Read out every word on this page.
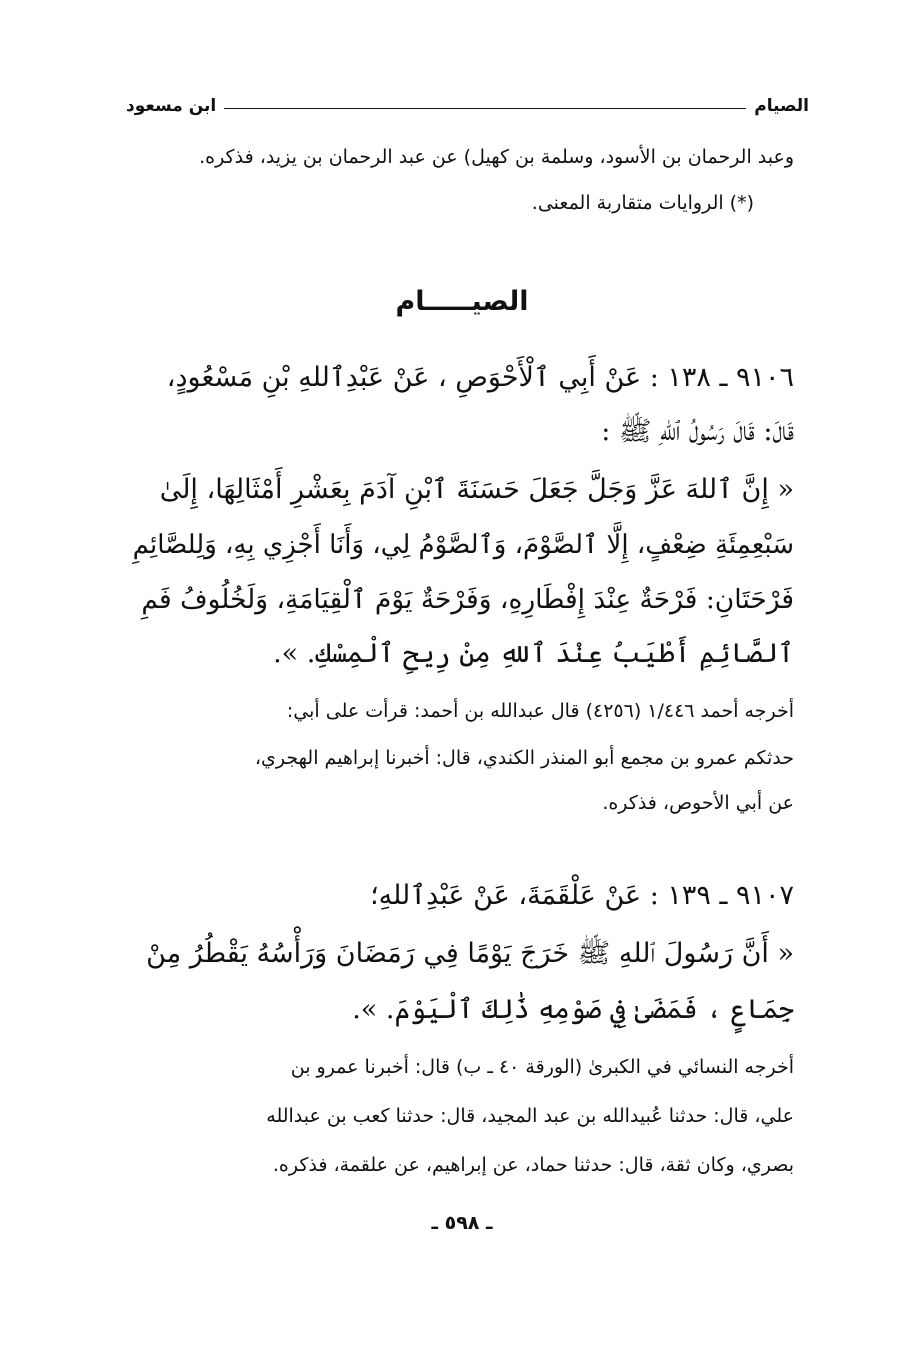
الصيام
ابن مسعود
وعبد الرحمان بن الأسود، وسلمة بن كهيل) عن عبد الرحمان بن يزيد، فذكره.
(*) الروايات متقاربة المعنى.
الصيـــــام
٩١٠٦ ـ ١٣٨ : عَنْ أَبِي ٱلْأَحْوَصِ ، عَنْ عَبْدِٱللهِ بْنِ مَسْعُودٍ،
قَالَ: قَالَ رَسُولُ ٱللهِ ﷺ :
« إِنَّ ٱللهَ عَزَّ وَجَلَّ جَعَلَ حَسَنَةَ ٱبْنِ آدَمَ بِعَشْرِ أَمْثَالِهَا، إِلَىٰ
سَبْعِمِئَةِ ضِعْفٍ، إِلَّا ٱلصَّوْمَ، وَٱلصَّوْمُ لِي، وَأَنَا أَجْزِي بِهِ، وَلِلصَّائِمِ
فَرْحَتَانِ: فَرْحَةٌ عِنْدَ إِفْطَارِهِ، وَفَرْحَةٌ يَوْمَ ٱلْقِيَامَةِ، وَلَخُلُوفُ فَمِ
ٱلصَّائِمِ أَطْيَبُ عِنْدَ ٱللهِ مِنْ رِيحِ ٱلْمِسْكِ. ».
أخرجه أحمد ١/٤٤٦ (٤٢٥٦) قال عبدالله بن أحمد: قرأت على أبي:
حدثكم عمرو بن مجمع أبو المنذر الكندي، قال: أخبرنا إبراهيم الهجري،
عن أبي الأحوص، فذكره.
٩١٠٧ ـ ١٣٩ : عَنْ عَلْقَمَةَ، عَنْ عَبْدِٱللهِ؛
« أَنَّ رَسُولَ ٱللهِ ﷺ خَرَجَ يَوْمًا فِي رَمَضَانَ وَرَأْسُهُ يَقْطُرُ مِنْ
جِمَاعٍ ، فَمَضَىٰ فِي صَوْمِهِ ذَٰلِكَ ٱلْيَوْمَ. ».
أخرجه النسائي في الكبرىٰ (الورقة ٤٠ ـ ب) قال: أخبرنا عمرو بن
علي، قال: حدثنا عُبيدالله بن عبد المجيد، قال: حدثنا كعب بن عبدالله
بصري، وكان ثقة، قال: حدثنا حماد، عن إبراهيم، عن علقمة، فذكره.
ـ ٥٩٨ ـ
